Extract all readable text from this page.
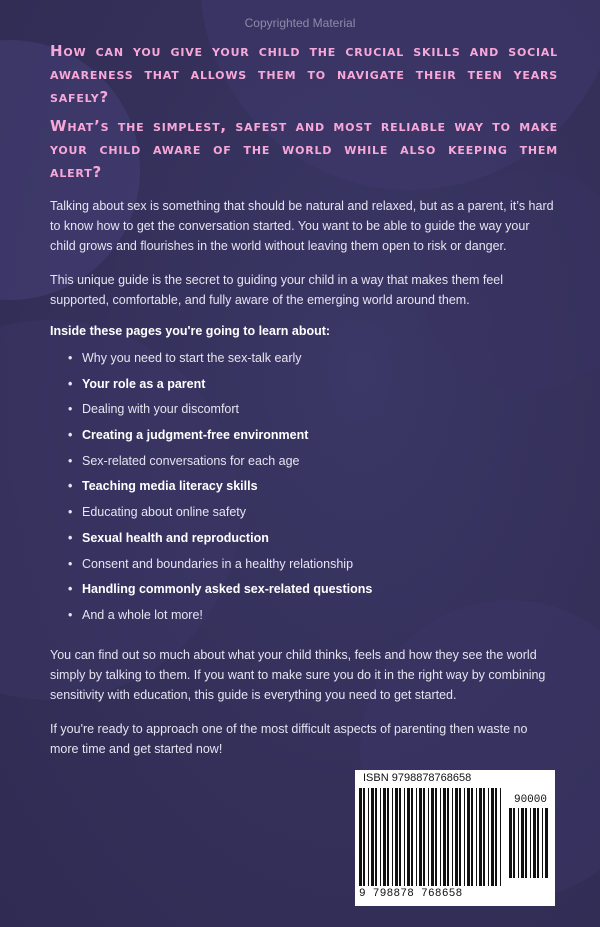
Copyrighted Material

How can you give your child the crucial skills and social awareness that allows them to navigate their teen years safely?

What’s the simplest, safest and most reliable way to make your child aware of the world while also keeping them alert?

Talking about sex is something that should be natural and relaxed, but as a parent, it’s hard to know how to get the conversation started. You want to be able to guide the way your child grows and flourishes in the world without leaving them open to risk or danger.

This unique guide is the secret to guiding your child in a way that makes them feel supported, comfortable, and fully aware of the emerging world around them.

Inside these pages you're going to learn about:

• Why you need to start the sex-talk early
• Your role as a parent
• Dealing with your discomfort
• Creating a judgment-free environment
• Sex-related conversations for each age
• Teaching media literacy skills
• Educating about online safety
• Sexual health and reproduction
• Consent and boundaries in a healthy relationship
• Handling commonly asked sex-related questions
• And a whole lot more!

You can find out so much about what your child thinks, feels and how they see the world simply by talking to them. If you want to make sure you do it in the right way by combining sensitivity with education, this guide is everything you need to get started.

If you're ready to approach one of the most difficult aspects of parenting then waste no more time and get started now!

ISBN 9798878768658
90000
9 798878 768658
